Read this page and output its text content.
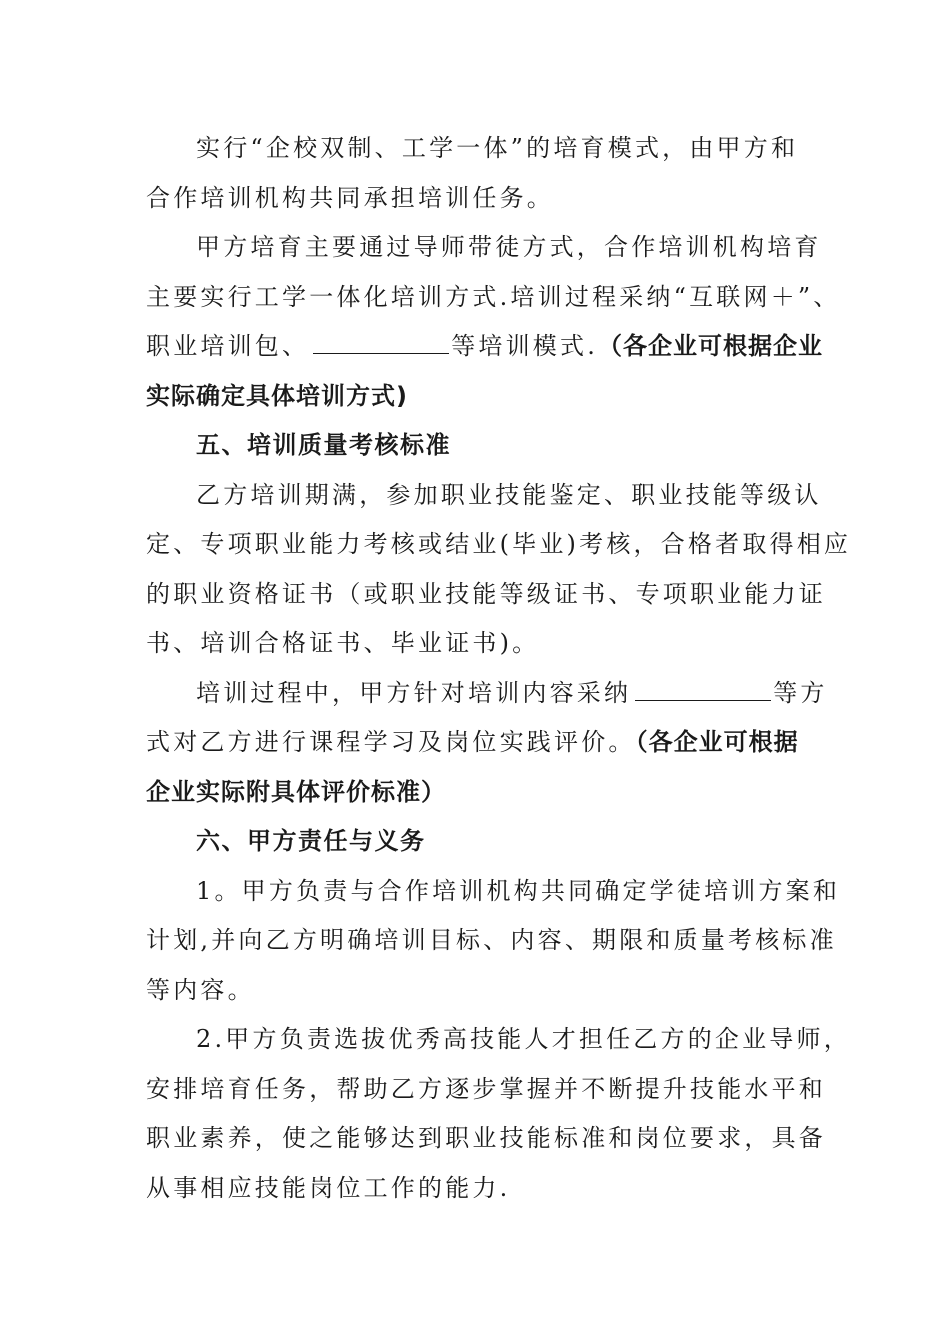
实行“企校双制、工学一体”的培育模式，由甲方和
合作培训机构共同承担培训任务。
甲方培育主要通过导师带徒方式，合作培训机构培育
主要实行工学一体化培训方式.培训过程采纳“互联网＋”、
职业培训包、	等培训模式.（各企业可根据企业
实际确定具体培训方式)
五、培训质量考核标准
乙方培训期满，参加职业技能鉴定、职业技能等级认
定、专项职业能力考核或结业(毕业)考核，合格者取得相应
的职业资格证书（或职业技能等级证书、专项职业能力证
书、培训合格证书、毕业证书)。
培训过程中，甲方针对培训内容采纳	等方
式对乙方进行课程学习及岗位实践评价。（各企业可根据
企业实际附具体评价标准）
六、甲方责任与义务
1。甲方负责与合作培训机构共同确定学徒培训方案和
计划,并向乙方明确培训目标、内容、期限和质量考核标准
等内容。
2.甲方负责选拔优秀高技能人才担任乙方的企业导师，
安排培育任务，帮助乙方逐步掌握并不断提升技能水平和
职业素养，使之能够达到职业技能标准和岗位要求，具备
从事相应技能岗位工作的能力.
